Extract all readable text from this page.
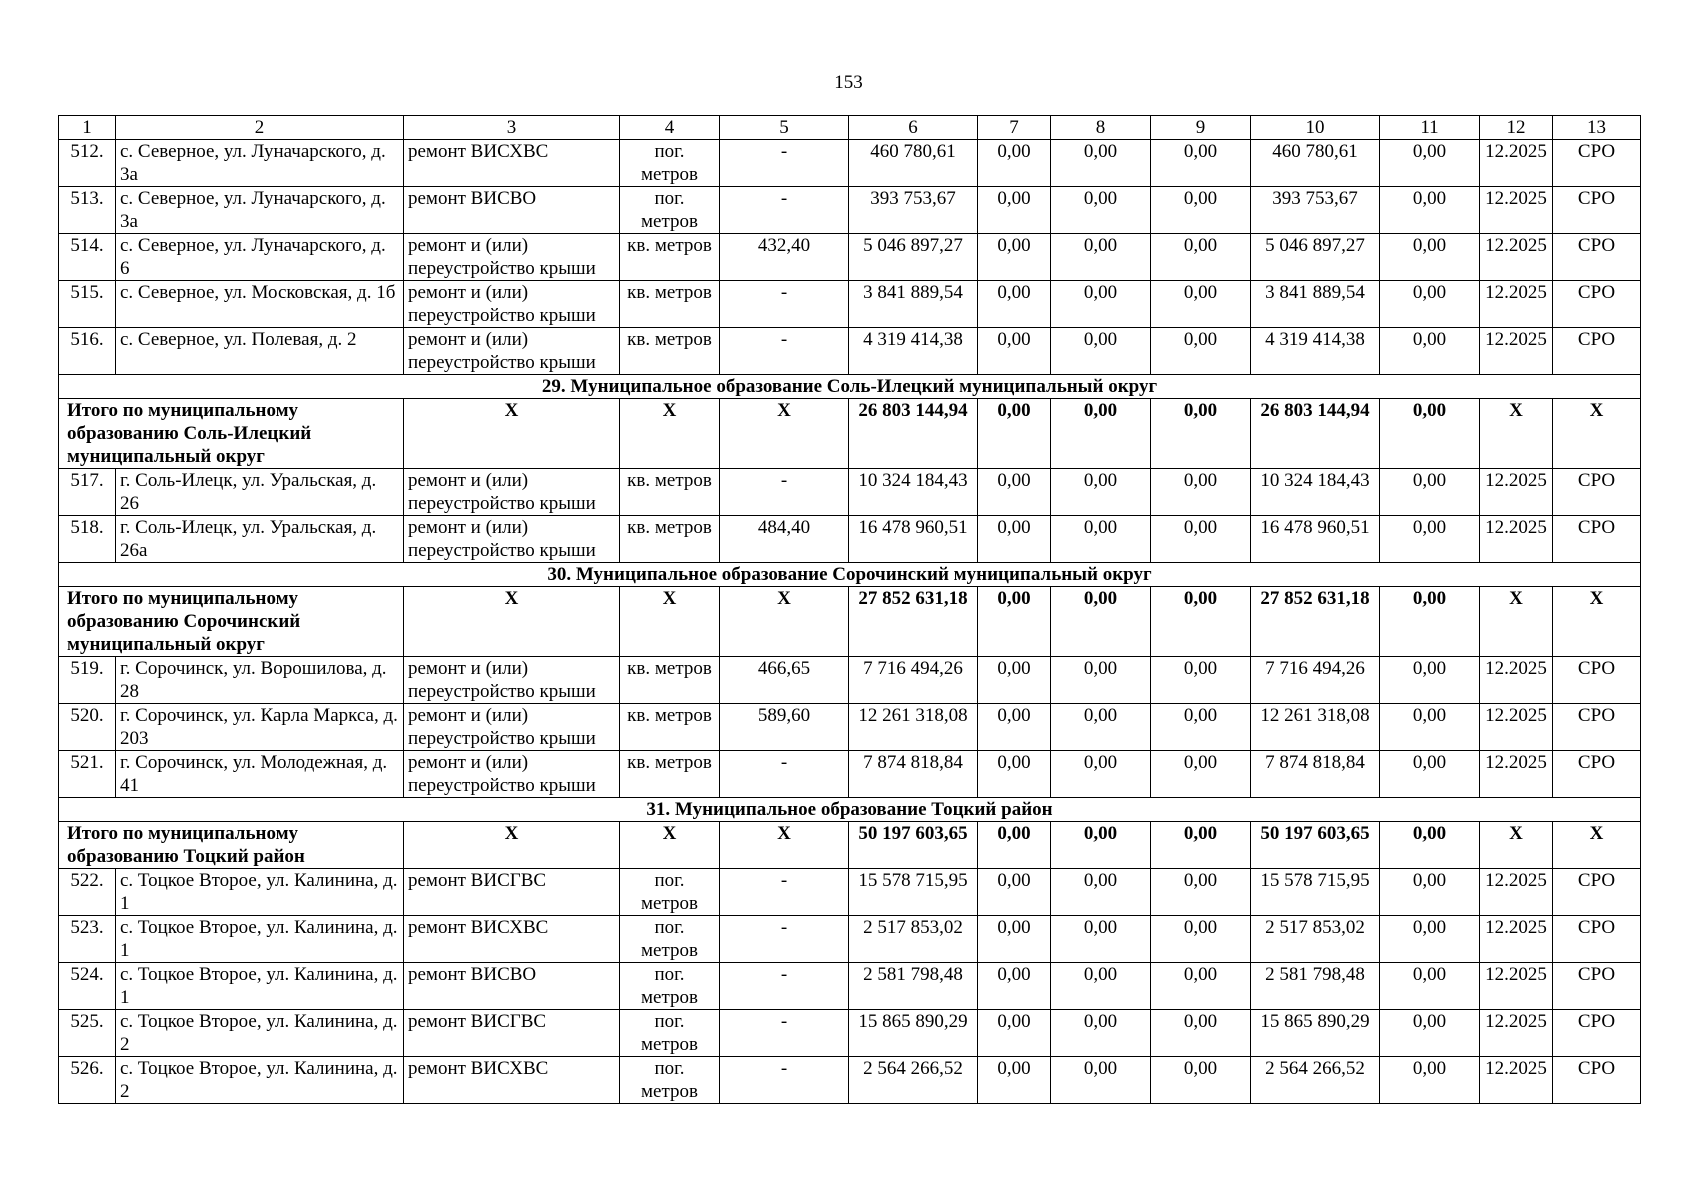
153
1	2	3	4	5	6	7	8	9	10	11	12	13
512.	с. Северное, ул. Луначарского, д. 3а	ремонт ВИСХВС	пог. метров	-	460 780,61	0,00	0,00	0,00	460 780,61	0,00	12.2025	СРО
513.	с. Северное, ул. Луначарского, д. 3а	ремонт ВИСВО	пог. метров	-	393 753,67	0,00	0,00	0,00	393 753,67	0,00	12.2025	СРО
514.	с. Северное, ул. Луначарского, д. 6	ремонт и (или) переустройство крыши	кв. метров	432,40	5 046 897,27	0,00	0,00	0,00	5 046 897,27	0,00	12.2025	СРО
515.	с. Северное, ул. Московская, д. 1б	ремонт и (или) переустройство крыши	кв. метров	-	3 841 889,54	0,00	0,00	0,00	3 841 889,54	0,00	12.2025	СРО
516.	с. Северное, ул. Полевая, д. 2	ремонт и (или) переустройство крыши	кв. метров	-	4 319 414,38	0,00	0,00	0,00	4 319 414,38	0,00	12.2025	СРО
29. Муниципальное образование Соль-Илецкий муниципальный округ												
Итого по муниципальному образованию Соль-Илецкий муниципальный округ		X	X	X	26 803 144,94	0,00	0,00	0,00	26 803 144,94	0,00	X	X
517.	г. Соль-Илецк, ул. Уральская, д. 26	ремонт и (или) переустройство крыши	кв. метров	-	10 324 184,43	0,00	0,00	0,00	10 324 184,43	0,00	12.2025	СРО
518.	г. Соль-Илецк, ул. Уральская, д. 26а	ремонт и (или) переустройство крыши	кв. метров	484,40	16 478 960,51	0,00	0,00	0,00	16 478 960,51	0,00	12.2025	СРО
30. Муниципальное образование Сорочинский муниципальный округ												
Итого по муниципальному образованию Сорочинский муниципальный округ		X	X	X	27 852 631,18	0,00	0,00	0,00	27 852 631,18	0,00	X	X
519.	г. Сорочинск, ул. Ворошилова, д. 28	ремонт и (или) переустройство крыши	кв. метров	466,65	7 716 494,26	0,00	0,00	0,00	7 716 494,26	0,00	12.2025	СРО
520.	г. Сорочинск, ул. Карла Маркса, д. 203	ремонт и (или) переустройство крыши	кв. метров	589,60	12 261 318,08	0,00	0,00	0,00	12 261 318,08	0,00	12.2025	СРО
521.	г. Сорочинск, ул. Молодежная, д. 41	ремонт и (или) переустройство крыши	кв. метров	-	7 874 818,84	0,00	0,00	0,00	7 874 818,84	0,00	12.2025	СРО
31. Муниципальное образование Тоцкий район												
Итого по муниципальному образованию Тоцкий район		X	X	X	50 197 603,65	0,00	0,00	0,00	50 197 603,65	0,00	X	X
522.	с. Тоцкое Второе, ул. Калинина, д. 1	ремонт ВИСГВС	пог. метров	-	15 578 715,95	0,00	0,00	0,00	15 578 715,95	0,00	12.2025	СРО
523.	с. Тоцкое Второе, ул. Калинина, д. 1	ремонт ВИСХВС	пог. метров	-	2 517 853,02	0,00	0,00	0,00	2 517 853,02	0,00	12.2025	СРО
524.	с. Тоцкое Второе, ул. Калинина, д. 1	ремонт ВИСВО	пог. метров	-	2 581 798,48	0,00	0,00	0,00	2 581 798,48	0,00	12.2025	СРО
525.	с. Тоцкое Второе, ул. Калинина, д. 2	ремонт ВИСГВС	пог. метров	-	15 865 890,29	0,00	0,00	0,00	15 865 890,29	0,00	12.2025	СРО
526.	с. Тоцкое Второе, ул. Калинина, д. 2	ремонт ВИСХВС	пог. метров	-	2 564 266,52	0,00	0,00	0,00	2 564 266,52	0,00	12.2025	СРО
